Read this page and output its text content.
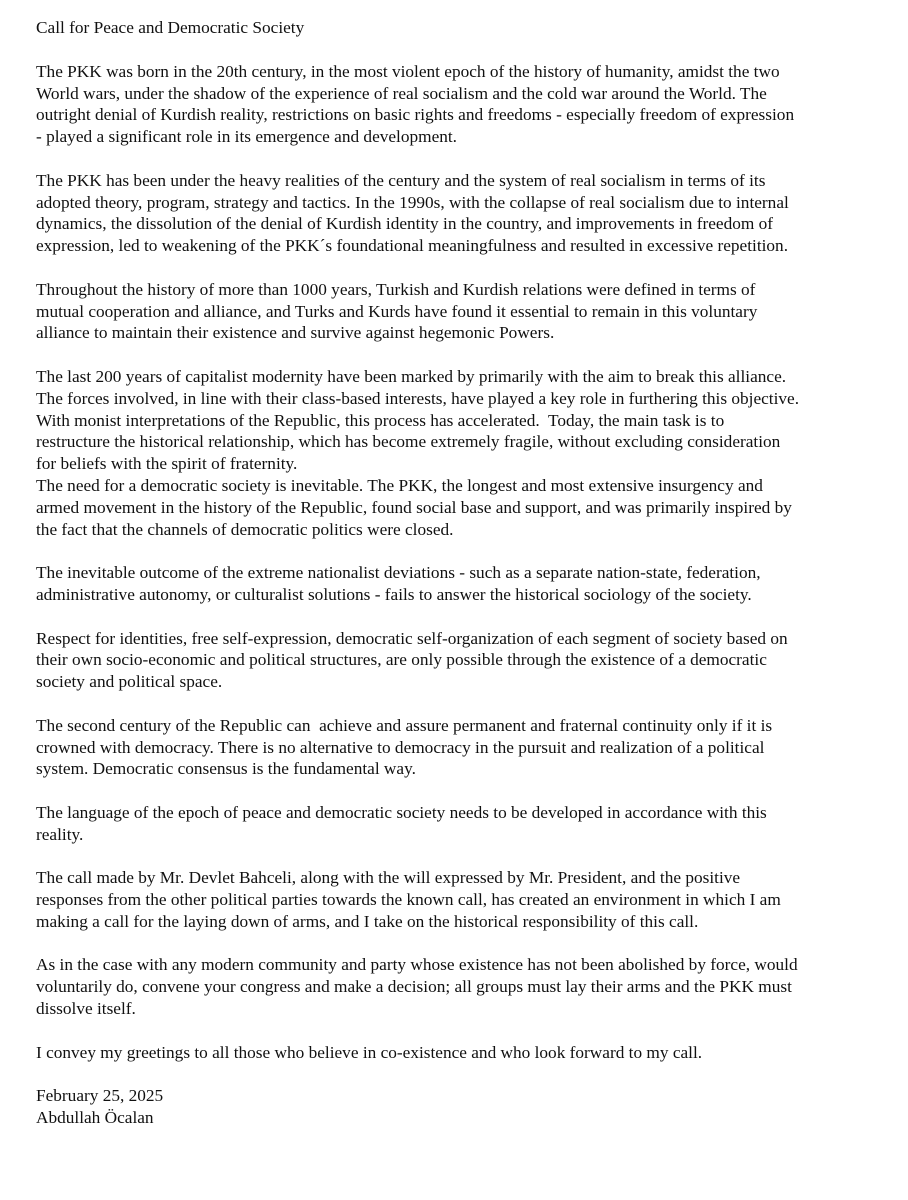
Call for Peace and Democratic Society
The PKK was born in the 20th century, in the most violent epoch of the history of humanity, amidst the two
World wars, under the shadow of the experience of real socialism and the cold war around the World. The
outright denial of Kurdish reality, restrictions on basic rights and freedoms - especially freedom of expression
- played a significant role in its emergence and development.
The PKK has been under the heavy realities of the century and the system of real socialism in terms of its
adopted theory, program, strategy and tactics. In the 1990s, with the collapse of real socialism due to internal
dynamics, the dissolution of the denial of Kurdish identity in the country, and improvements in freedom of
expression, led to weakening of the PKK´s foundational meaningfulness and resulted in excessive repetition.
Throughout the history of more than 1000 years, Turkish and Kurdish relations were defined in terms of
mutual cooperation and alliance, and Turks and Kurds have found it essential to remain in this voluntary
alliance to maintain their existence and survive against hegemonic Powers.
The last 200 years of capitalist modernity have been marked by primarily with the aim to break this alliance.
The forces involved, in line with their class-based interests, have played a key role in furthering this objective.
With monist interpretations of the Republic, this process has accelerated.  Today, the main task is to
restructure the historical relationship, which has become extremely fragile, without excluding consideration
for beliefs with the spirit of fraternity.
The need for a democratic society is inevitable. The PKK, the longest and most extensive insurgency and
armed movement in the history of the Republic, found social base and support, and was primarily inspired by
the fact that the channels of democratic politics were closed.
The inevitable outcome of the extreme nationalist deviations - such as a separate nation-state, federation,
administrative autonomy, or culturalist solutions - fails to answer the historical sociology of the society.
Respect for identities, free self-expression, democratic self-organization of each segment of society based on
their own socio-economic and political structures, are only possible through the existence of a democratic
society and political space.
The second century of the Republic can  achieve and assure permanent and fraternal continuity only if it is
crowned with democracy. There is no alternative to democracy in the pursuit and realization of a political
system. Democratic consensus is the fundamental way.
The language of the epoch of peace and democratic society needs to be developed in accordance with this
reality.
The call made by Mr. Devlet Bahceli, along with the will expressed by Mr. President, and the positive
responses from the other political parties towards the known call, has created an environment in which I am
making a call for the laying down of arms, and I take on the historical responsibility of this call.
As in the case with any modern community and party whose existence has not been abolished by force, would
voluntarily do, convene your congress and make a decision; all groups must lay their arms and the PKK must
dissolve itself.
I convey my greetings to all those who believe in co-existence and who look forward to my call.
February 25, 2025
Abdullah Öcalan
